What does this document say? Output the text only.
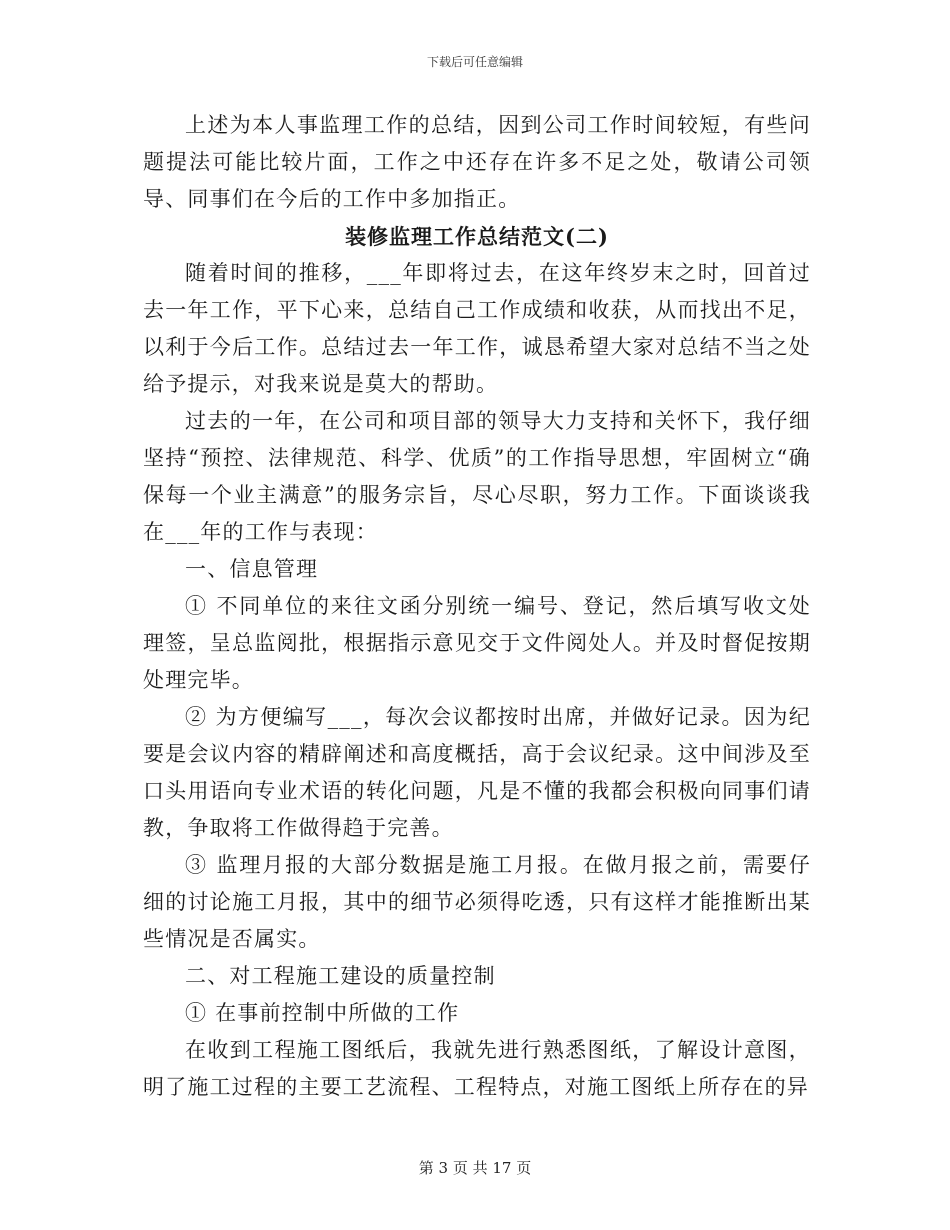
下载后可任意编辑

上述为本人事监理工作的总结，因到公司工作时间较短，有些问题提法可能比较片面，工作之中还存在许多不足之处，敬请公司领导、同事们在今后的工作中多加指正。

装修监理工作总结范文(二)

随着时间的推移，___年即将过去，在这年终岁末之时，回首过去一年工作，平下心来，总结自己工作成绩和收获，从而找出不足，以利于今后工作。总结过去一年工作，诚恳希望大家对总结不当之处给予提示，对我来说是莫大的帮助。

过去的一年，在公司和项目部的领导大力支持和关怀下，我仔细坚持“预控、法律规范、科学、优质”的工作指导思想，牢固树立“确保每一个业主满意”的服务宗旨，尽心尽职，努力工作。下面谈谈我在___年的工作与表现：

一、信息管理

① 不同单位的来往文函分别统一编号、登记，然后填写收文处理签，呈总监阅批，根据指示意见交于文件阅处人。并及时督促按期处理完毕。

② 为方便编写___，每次会议都按时出席，并做好记录。因为纪要是会议内容的精辟阐述和高度概括，高于会议纪录。这中间涉及至口头用语向专业术语的转化问题，凡是不懂的我都会积极向同事们请教，争取将工作做得趋于完善。

③ 监理月报的大部分数据是施工月报。在做月报之前，需要仔细的讨论施工月报，其中的细节必须得吃透，只有这样才能推断出某些情况是否属实。

二、对工程施工建设的质量控制

① 在事前控制中所做的工作

在收到工程施工图纸后，我就先进行熟悉图纸，了解设计意图，明了施工过程的主要工艺流程、工程特点，对施工图纸上所存在的异

第 3 页 共 17 页
